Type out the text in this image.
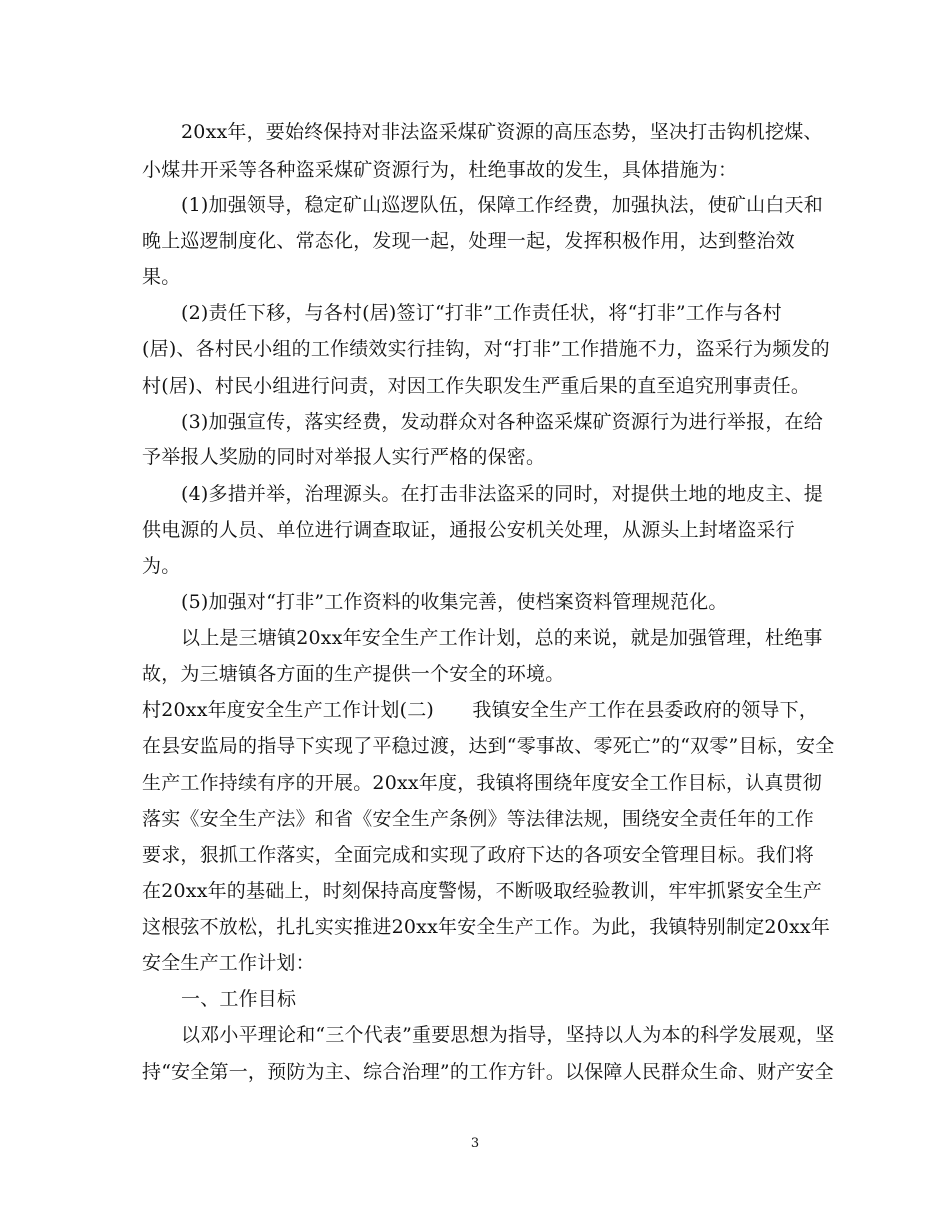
20xx年，要始终保持对非法盗采煤矿资源的高压态势，坚决打击钩机挖煤、
小煤井开采等各种盗采煤矿资源行为，杜绝事故的发生，具体措施为：
(1)加强领导，稳定矿山巡逻队伍，保障工作经费，加强执法，使矿山白天和
晚上巡逻制度化、常态化，发现一起，处理一起，发挥积极作用，达到整治效
果。
(2)责任下移，与各村(居)签订“打非”工作责任状，将“打非”工作与各村
(居)、各村民小组的工作绩效实行挂钩，对“打非”工作措施不力，盗采行为频发的
村(居)、村民小组进行问责，对因工作失职发生严重后果的直至追究刑事责任。
(3)加强宣传，落实经费，发动群众对各种盗采煤矿资源行为进行举报，在给
予举报人奖励的同时对举报人实行严格的保密。
(4)多措并举，治理源头。在打击非法盗采的同时，对提供土地的地皮主、提
供电源的人员、单位进行调查取证，通报公安机关处理，从源头上封堵盗采行
为。
(5)加强对“打非”工作资料的收集完善，使档案资料管理规范化。
以上是三塘镇20xx年安全生产工作计划，总的来说，就是加强管理，杜绝事
故，为三塘镇各方面的生产提供一个安全的环境。
村20xx年度安全生产工作计划(二)　　我镇安全生产工作在县委政府的领导下，
在县安监局的指导下实现了平稳过渡，达到“零事故、零死亡”的“双零”目标，安全
生产工作持续有序的开展。20xx年度，我镇将围绕年度安全工作目标，认真贯彻
落实《安全生产法》和省《安全生产条例》等法律法规，围绕安全责任年的工作
要求，狠抓工作落实，全面完成和实现了政府下达的各项安全管理目标。我们将
在20xx年的基础上，时刻保持高度警惕，不断吸取经验教训，牢牢抓紧安全生产
这根弦不放松，扎扎实实推进20xx年安全生产工作。为此，我镇特别制定20xx年
安全生产工作计划：
一、工作目标
以邓小平理论和“三个代表”重要思想为指导，坚持以人为本的科学发展观，坚
持“安全第一，预防为主、综合治理”的工作方针。以保障人民群众生命、财产安全
3
